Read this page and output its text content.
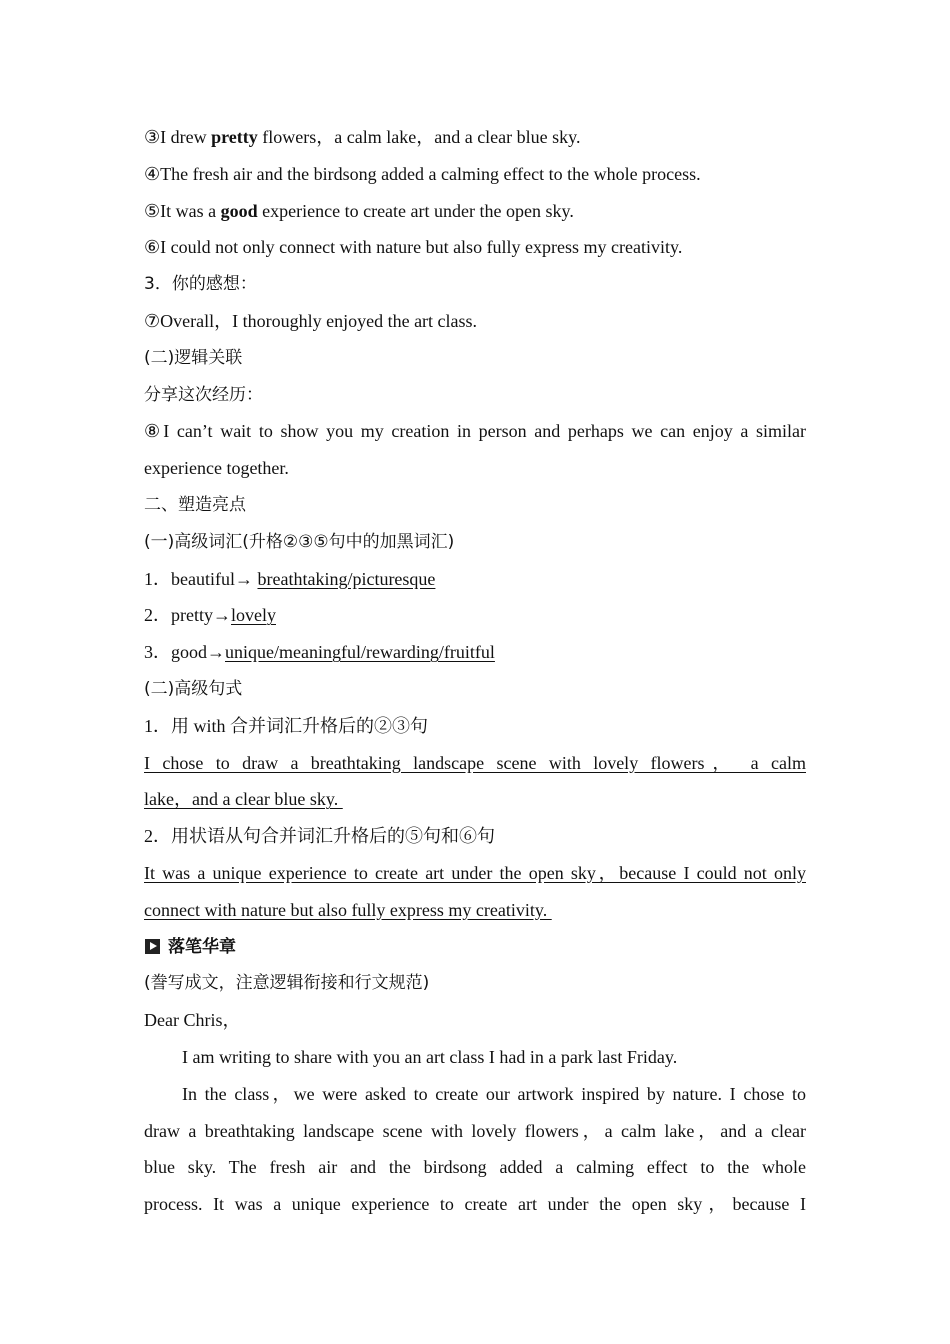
③I drew pretty flowers，a calm lake，and a clear blue sky.
④The fresh air and the birdsong added a calming effect to the whole process.
⑤It was a good experience to create art under the open sky.
⑥I could not only connect with nature but also fully express my creativity.
3．你的感想：
⑦Overall，I thoroughly enjoyed the art class.
(二)逻辑关联
分享这次经历：
⑧I can’t wait to show you my creation in person and perhaps we can enjoy a similar
experience together.
二、塑造亮点
(一)高级词汇(升格②③⑤句中的加黑词汇)
1．beautiful→ breathtaking/picturesque
2．pretty→lovely
3．good→unique/meaningful/rewarding/fruitful
(二)高级句式
1．用 with 合并词汇升格后的②③句
I chose to draw a breathtaking landscape scene with lovely flowers， a calm
lake，and a clear blue sky.
2．用状语从句合并词汇升格后的⑤句和⑥句
It was a unique experience to create art under the open sky，because I could not only
connect with nature but also fully express my creativity.
落笔华章
(誊写成文，注意逻辑衔接和行文规范)
Dear Chris，
I am writing to share with you an art class I had in a park last Friday.
In the class，we were asked to create our artwork inspired by nature. I chose to
draw a breathtaking landscape scene with lovely flowers，a calm lake，and a clear
blue sky. The fresh air and the birdsong added a calming effect to the whole
process. It was a unique experience to create art under the open sky，because I
